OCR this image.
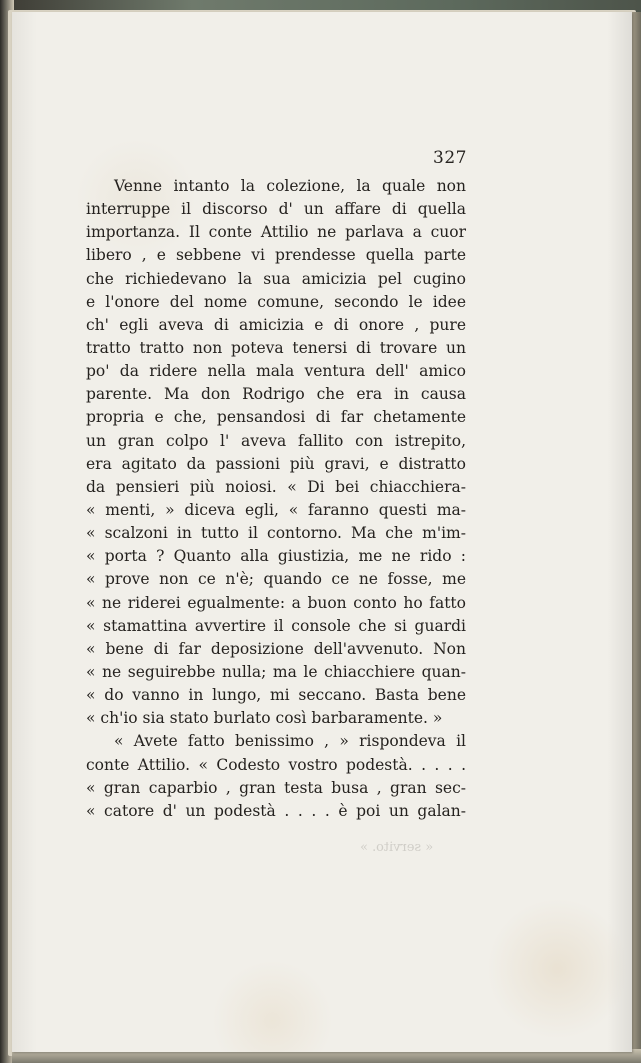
327
Venne intanto la colezione, la quale non
interruppe il discorso d' un affare di quella
importanza. Il conte Attilio ne parlava a cuor
libero , e sebbene vi prendesse quella parte
che richiedevano la sua amicizia pel cugino
e l'onore del nome comune, secondo le idee
ch' egli aveva di amicizia e di onore , pure
tratto tratto non poteva tenersi di trovare un
po' da ridere nella mala ventura dell' amico
parente. Ma don Rodrigo che era in causa
propria e che, pensandosi di far chetamente
un gran colpo l' aveva fallito con istrepito,
era agitato da passioni più gravi, e distratto
da pensieri più noiosi. « Di bei chiacchiera-
« menti, » diceva egli, « faranno questi ma-
« scalzoni in tutto il contorno. Ma che m'im-
« porta ? Quanto alla giustizia, me ne rido :
« prove non ce n'è; quando ce ne fosse, me
« ne riderei egualmente: a buon conto ho fatto
« stamattina avvertire il console che si guardi
« bene di far deposizione dell'avvenuto. Non
« ne seguirebbe nulla; ma le chiacchiere quan-
« do vanno in lungo, mi seccano. Basta bene
« ch'io sia stato burlato così barbaramente. »
« Avete fatto benissimo , » rispondeva il
conte Attilio. « Codesto vostro podestà. . . . .
« gran caparbio , gran testa busa , gran sec-
« catore d' un podestà . . . . è poi un galan-
« servito. »
